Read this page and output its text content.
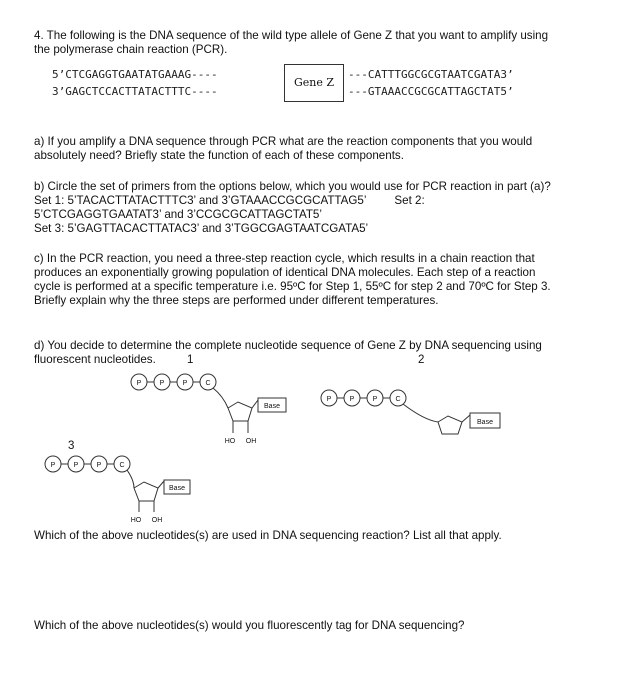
4. The following is the DNA sequence of the wild type allele of Gene Z that you want to amplify using
the polymerase chain reaction (PCR).
5’CTCGAGGTGAATATGAAAG----
3’GAGCTCCACTTATACTTTC----
Gene Z
---CATTTGGCGCGTAATCGATA3’
---GTAAACCGCGCATTAGCTAT5’
a) If you amplify a DNA sequence through PCR what are the reaction components that you would
absolutely need? Briefly state the function of each of these components.
b) Circle the set of primers from the options below, which you would use for PCR reaction in part (a)?
Set 1: 5’TACACTTATACTTTC3’ and 3’GTAAACCGCGCATTAG5’ Set 2:
5’CTCGAGGTGAATAT3’ and 3’CCGCGCATTAGCTAT5’
Set 3: 5’GAGTTACACTTATAC3’ and 3’TGGCGAGTAATCGATA5’
c) In the PCR reaction, you need a three-step reaction cycle, which results in a chain reaction that
produces an exponentially growing population of identical DNA molecules. Each step of a reaction
cycle is performed at a specific temperature i.e. 95ºC for Step 1, 55ºC for step 2 and 70ºC for Step 3.
Briefly explain why the three steps are performed under different temperatures.
d) You decide to determine the complete nucleotide sequence of Gene Z by DNA sequencing using
fluorescent nucleotides.	1	2
3
P	P	P	C
Base
HO OH
P	P	P	C
Base
P	P	P	C
Base
HO OH
Which of the above nucleotides(s) are used in DNA sequencing reaction? List all that apply.
Which of the above nucleotides(s) would you fluorescently tag for DNA sequencing?
